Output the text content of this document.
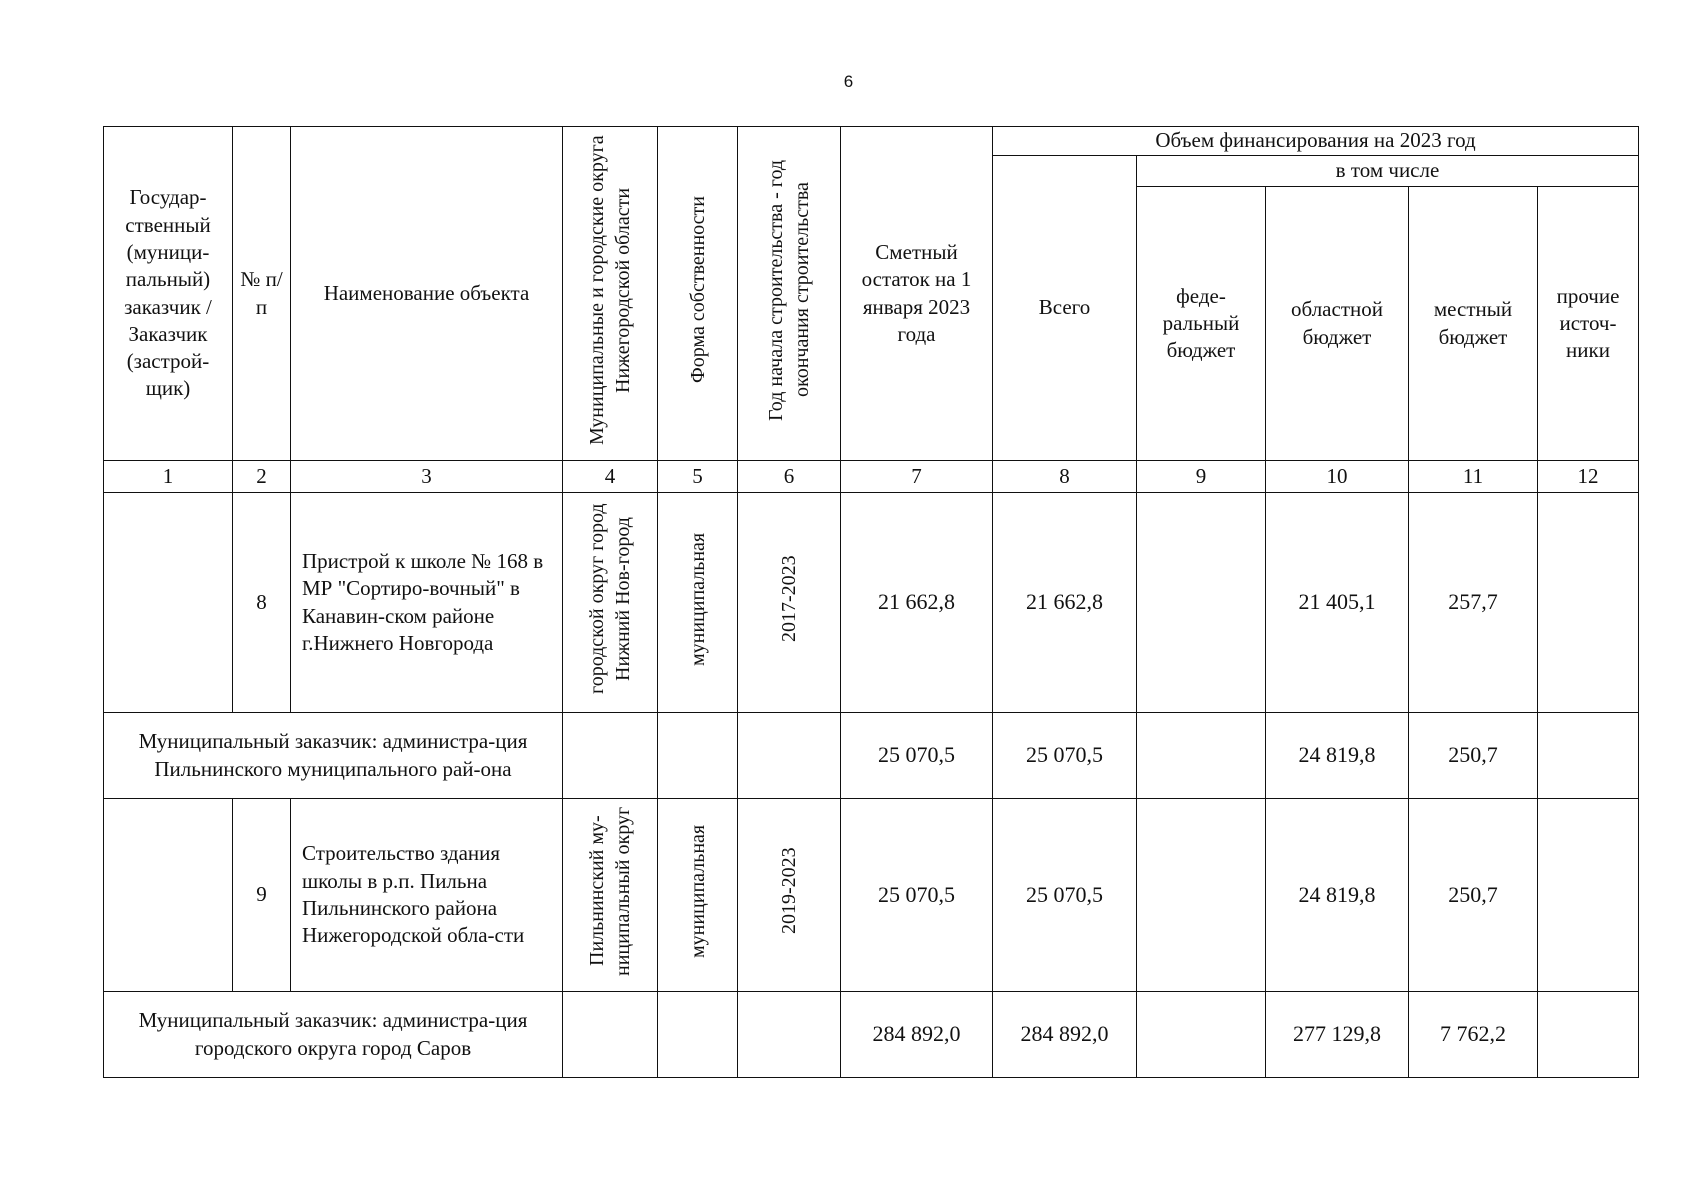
6
Государ-ственный (муници-пальный) заказчик / Заказчик (застрой-щик)	№ п/п	Наименование объекта	Муниципальные и городские округа Нижегородской области	Форма собственности	Год начала строительства - год окончания строительства	Сметный остаток на 1 января 2023 года	Объем финансирования на 2023 год				
							Всего	в том числе			
								феде-ральный бюджет	областной бюджет	местный бюджет	прочие источ-ники
1	2	3	4	5	6	7	8	9	10	11	12
	8	Пристрой к школе № 168 в МР "Сортиро-вочный" в Канавин-ском районе г.Нижнего Новгорода	городской округ город Нижний Нов-город	муниципальная	2017-2023	21 662,8	21 662,8		21 405,1	257,7	
Муниципальный заказчик: администра-ция Пильнинского муниципального рай-она						25 070,5	25 070,5		24 819,8	250,7	
	9	Строительство здания школы в р.п. Пильна Пильнинского района Нижегородской обла-сти	Пильнинский му-ниципальный округ	муниципальная	2019-2023	25 070,5	25 070,5		24 819,8	250,7	
Муниципальный заказчик: администра-ция городского округа город Саров						284 892,0	284 892,0		277 129,8	7 762,2	
